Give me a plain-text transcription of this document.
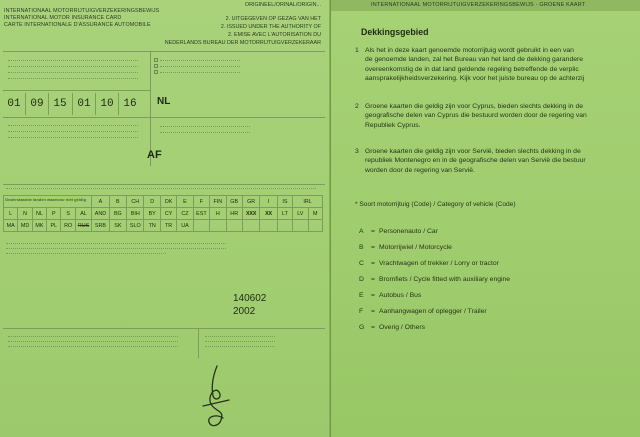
INTERNATIONAAL MOTORRIJTUIGVERZEKERINGSBEWIJS
INTERNATIONAL MOTOR INSURANCE CARD
CARTE INTERNATIONALE D'ASSURANCE AUTOMOBILE
ORIGINEEL/ORINAL/ORIGIN...
2. UITGEGEVEN OP GEZAG VAN HET
2. ISSUED UNDER THE AUTHORITY OF
2. EMISE AVEC L'AUTORISATION DU
NEDERLANDS BUREAU DER MOTORRIJTUIGVERZEKERAAR
01 09 15 01 10 16	NL
AF
Onderstaande landen waarvoor niet geldig
						A	B	CH	D	DK	E	F	FIN	GB	GR	I	IS	IRL	
L	N	NL	P	S	AL	AND	BG	BIH	BY	CY	CZ	EST	H	HR	XXX	XX	LT	LV	M
MA	MD	MK	PL	RO	RUS	SRB	SK	SLO	TN	TR	UA								
140602
2002
INTERNATIONAAL MOTORRIJTUIGVERZEKERINGSBEWIJS - GROENE KAART
Dekkingsgebied
1 Als het in deze kaart genoemde motorrijtuig wordt gebruikt in een van
de genoemde landen, zal het Bureau van het land de dekking garandere
overeenkomstig de in dat land geldende regeling betreffende de verplic
aansprakelijkheidsverzekering. Kijk voor het juiste bureau op de achterzij
2 Groene kaarten die geldig zijn voor Cyprus, bieden slechts dekking in de
geografische delen van Cyprus die bestuurd worden door de regering van
Republiek Cyprus.
3 Groene kaarten die geldig zijn voor Servië, bieden slechts dekking in de
republiek Montenegro en in de geografische delen van Servië die bestuur
worden door de regering van Servië.
* Soort motorrijtuig (Code) / Category of vehicle (Code)
A = Personenauto / Car
B = Motorrijwiel / Motorcycle
C = Vrachtwagen of trekker / Lorry or tractor
D = Bromfiets / Cycle fitted with auxiliary engine
E = Autobus / Bus
F = Aanhangwagen of oplegger / Trailer
G = Overig / Others
